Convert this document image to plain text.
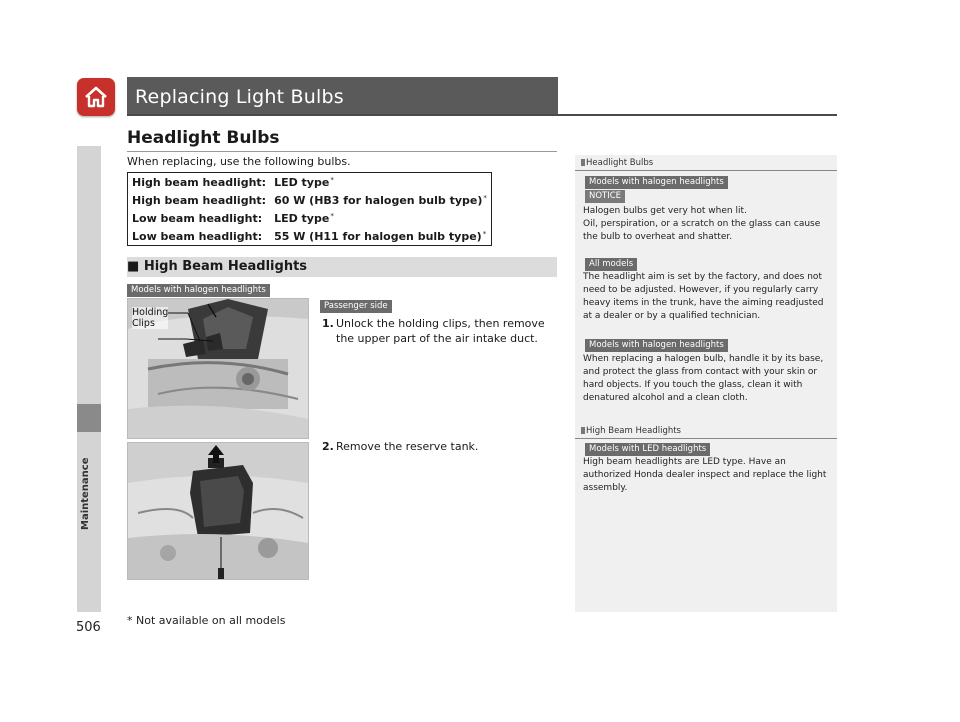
Replacing Light Bulbs
Maintenance
506 * Not available on all models
Headlight Bulbs
When replacing, use the following bulbs.
High beam headlight:	LED type*
High beam headlight:	60 W (HB3 for halogen bulb type)*
Low beam headlight:	LED type*
Low beam headlight:	55 W (H11 for halogen bulb type)*
■ High Beam Headlights
Models with halogen headlights
Holding
Clips
Passenger side
1. Unlock the holding clips, then remove the upper part of the air intake duct.
2. Remove the reserve tank.
Headlight Bulbs
Models with halogen headlights
NOTICE
Halogen bulbs get very hot when lit.
Oil, perspiration, or a scratch on the glass can cause the bulb to overheat and shatter.
All models
The headlight aim is set by the factory, and does not need to be adjusted. However, if you regularly carry heavy items in the trunk, have the aiming readjusted at a dealer or by a qualified technician.
Models with halogen headlights
When replacing a halogen bulb, handle it by its base, and protect the glass from contact with your skin or hard objects. If you touch the glass, clean it with denatured alcohol and a clean cloth.
High Beam Headlights
Models with LED headlights
High beam headlights are LED type. Have an authorized Honda dealer inspect and replace the light assembly.
